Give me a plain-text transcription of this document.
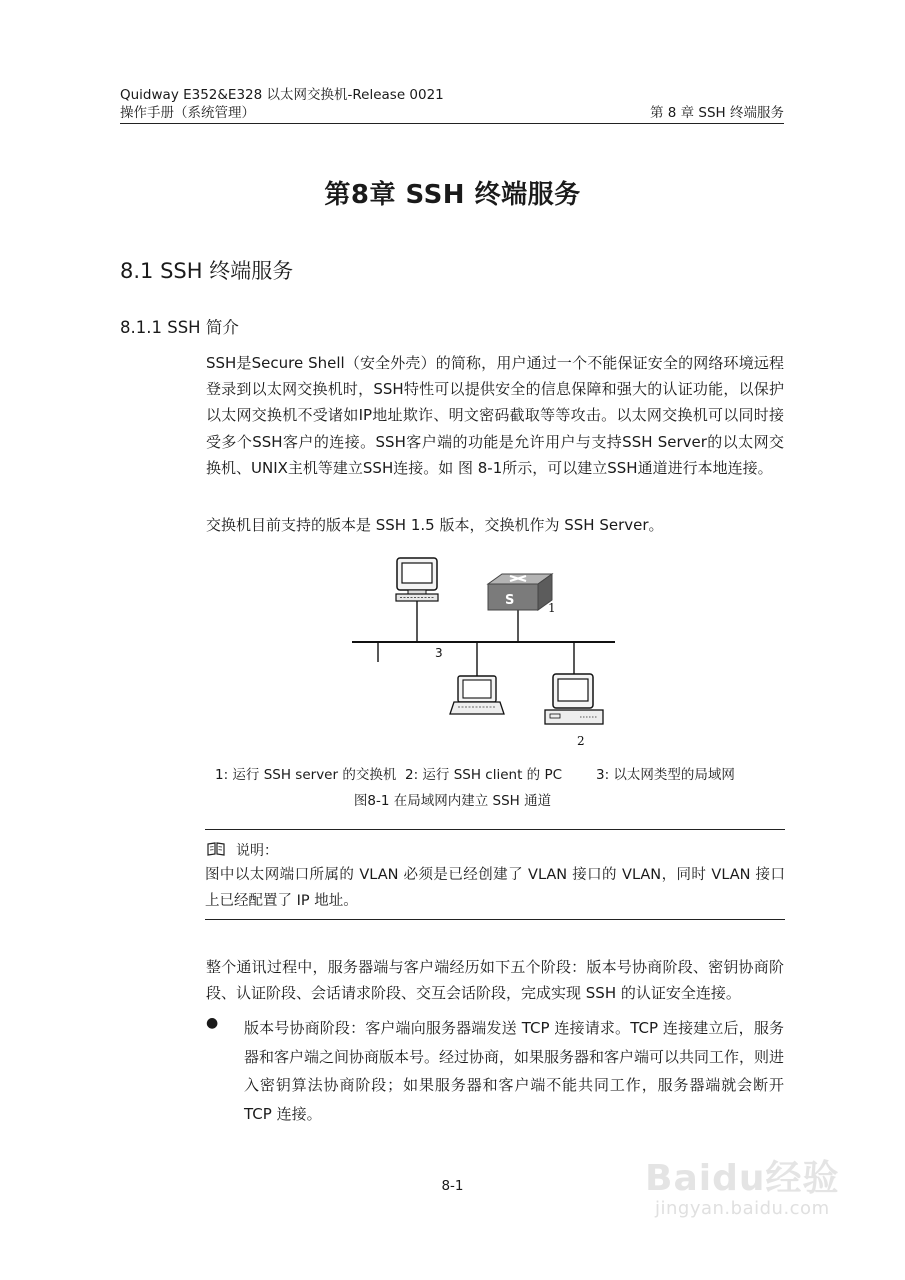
Quidway E352&E328 以太网交换机-Release 0021
操作手册（系统管理）	第 8 章 SSH 终端服务
第8章 SSH 终端服务
8.1 SSH 终端服务
8.1.1 SSH 简介
SSH是Secure Shell（安全外壳）的简称，用户通过一个不能保证安全的网络环境远程登录到以太网交换机时，SSH特性可以提供安全的信息保障和强大的认证功能，以保护以太网交换机不受诸如IP地址欺诈、明文密码截取等等攻击。以太网交换机可以同时接受多个SSH客户的连接。SSH客户端的功能是允许用户与支持SSH Server的以太网交换机、UNIX主机等建立SSH连接。如 图 8-1所示，可以建立SSH通道进行本地连接。
交换机目前支持的版本是 SSH 1.5 版本，交换机作为 SSH Server。
S	1
3
2
1: 运行 SSH server 的交换机 2: 运行 SSH client 的 PC	3: 以太网类型的局域网
图8-1 在局域网内建立 SSH 通道
说明：
图中以太网端口所属的 VLAN 必须是已经创建了 VLAN 接口的 VLAN，同时 VLAN 接口上已经配置了 IP 地址。
整个通讯过程中，服务器端与客户端经历如下五个阶段：版本号协商阶段、密钥协商阶段、认证阶段、会话请求阶段、交互会话阶段，完成实现 SSH 的认证安全连接。
● 版本号协商阶段：客户端向服务器端发送 TCP 连接请求。TCP 连接建立后，服务器和客户端之间协商版本号。经过协商，如果服务器和客户端可以共同工作，则进入密钥算法协商阶段；如果服务器和客户端不能共同工作，服务器端就会断开 TCP 连接。
8-1	Baidu经验
jingyan.baidu.com
